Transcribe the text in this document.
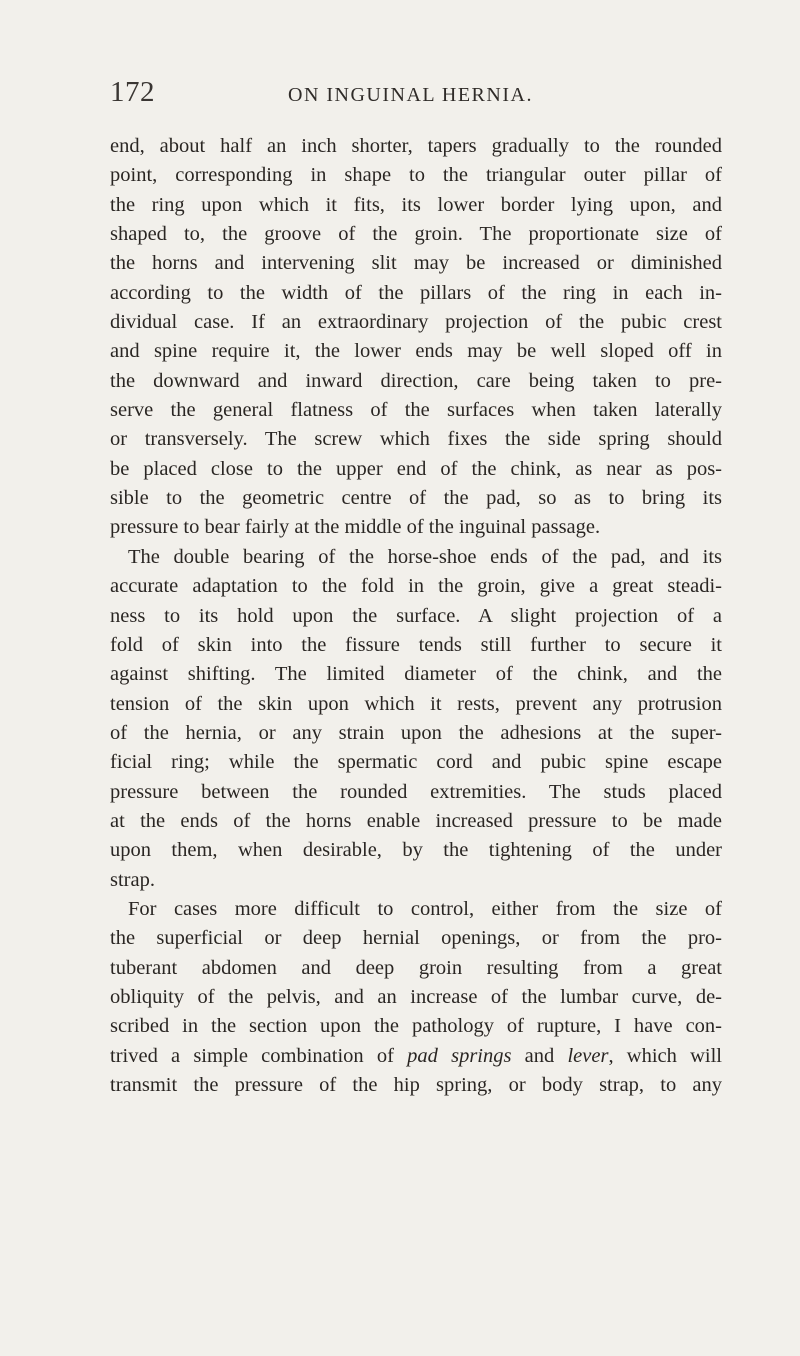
172	ON INGUINAL HERNIA.
end, about half an inch shorter, tapers gradually to the rounded
point, corresponding in shape to the triangular outer pillar of
the ring upon which it fits, its lower border lying upon, and
shaped to, the groove of the groin. The proportionate size of
the horns and intervening slit may be increased or diminished
according to the width of the pillars of the ring in each in-
dividual case. If an extraordinary projection of the pubic crest
and spine require it, the lower ends may be well sloped off in
the downward and inward direction, care being taken to pre-
serve the general flatness of the surfaces when taken laterally
or transversely. The screw which fixes the side spring should
be placed close to the upper end of the chink, as near as pos-
sible to the geometric centre of the pad, so as to bring its
pressure to bear fairly at the middle of the inguinal passage.
The double bearing of the horse-shoe ends of the pad, and its
accurate adaptation to the fold in the groin, give a great steadi-
ness to its hold upon the surface. A slight projection of a
fold of skin into the fissure tends still further to secure it
against shifting. The limited diameter of the chink, and the
tension of the skin upon which it rests, prevent any protrusion
of the hernia, or any strain upon the adhesions at the super-
ficial ring; while the spermatic cord and pubic spine escape
pressure between the rounded extremities. The studs placed
at the ends of the horns enable increased pressure to be made
upon them, when desirable, by the tightening of the under
strap.
For cases more difficult to control, either from the size of
the superficial or deep hernial openings, or from the pro-
tuberant abdomen and deep groin resulting from a great
obliquity of the pelvis, and an increase of the lumbar curve, de-
scribed in the section upon the pathology of rupture, I have con-
trived a simple combination of pad springs and lever, which will
transmit the pressure of the hip spring, or body strap, to any
